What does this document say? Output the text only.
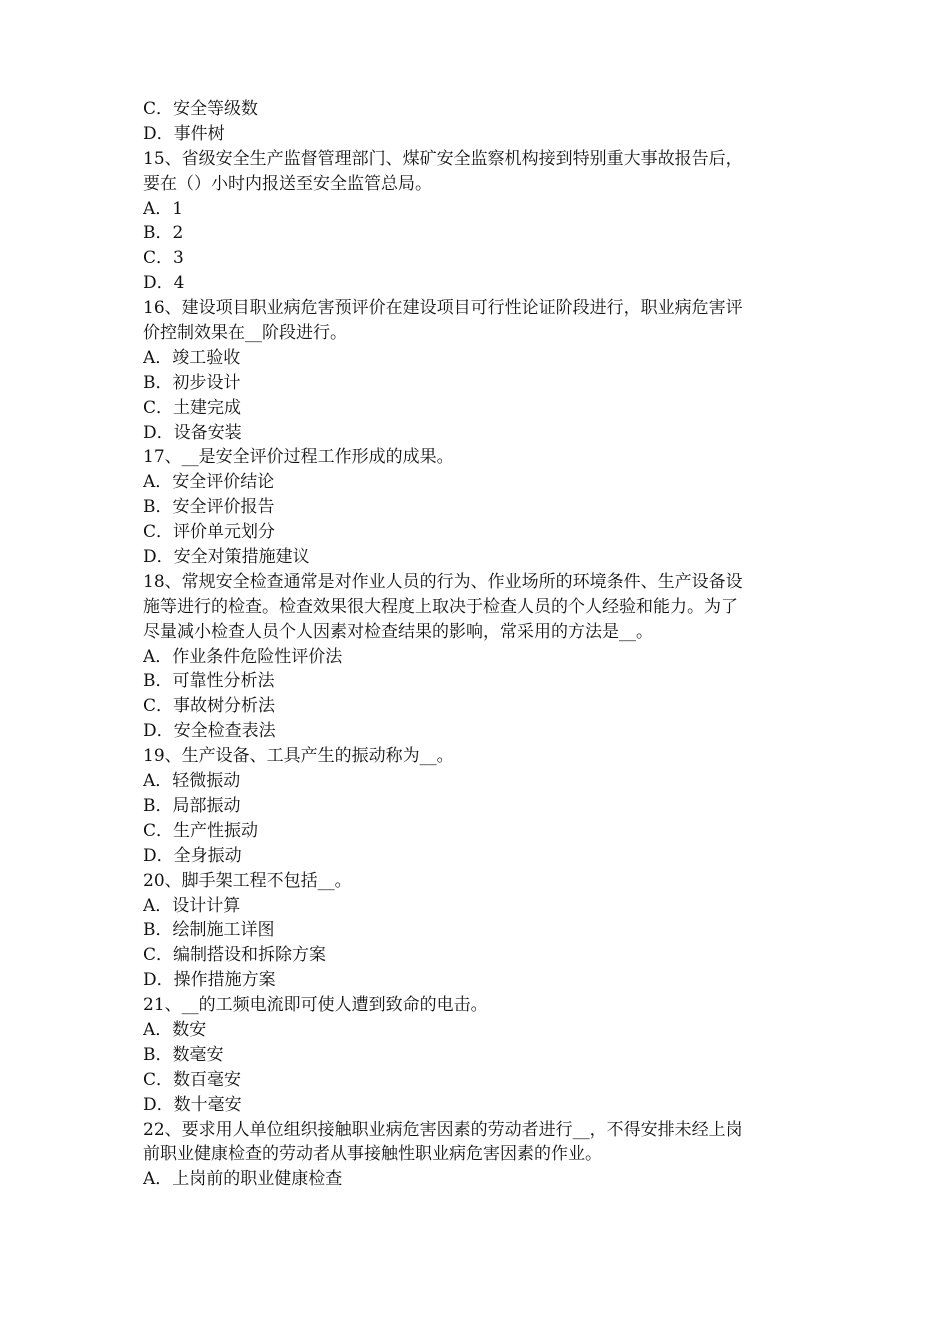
C．安全等级数
D．事件树
15、省级安全生产监督管理部门、煤矿安全监察机构接到特别重大事故报告后，
要在（）小时内报送至安全监管总局。
A．1
B．2
C．3
D．4
16、建设项目职业病危害预评价在建设项目可行性论证阶段进行，职业病危害评
价控制效果在__阶段进行。
A．竣工验收
B．初步设计
C．土建完成
D．设备安装
17、__是安全评价过程工作形成的成果。
A．安全评价结论
B．安全评价报告
C．评价单元划分
D．安全对策措施建议
18、常规安全检查通常是对作业人员的行为、作业场所的环境条件、生产设备设
施等进行的检查。检查效果很大程度上取决于检查人员的个人经验和能力。为了
尽量减小检查人员个人因素对检查结果的影响，常采用的方法是__。
A．作业条件危险性评价法
B．可靠性分析法
C．事故树分析法
D．安全检查表法
19、生产设备、工具产生的振动称为__。
A．轻微振动
B．局部振动
C．生产性振动
D．全身振动
20、脚手架工程不包括__。
A．设计计算
B．绘制施工详图
C．编制搭设和拆除方案
D．操作措施方案
21、__的工频电流即可使人遭到致命的电击。
A．数安
B．数毫安
C．数百毫安
D．数十毫安
22、要求用人单位组织接触职业病危害因素的劳动者进行__，不得安排未经上岗
前职业健康检查的劳动者从事接触性职业病危害因素的作业。
A．上岗前的职业健康检查
